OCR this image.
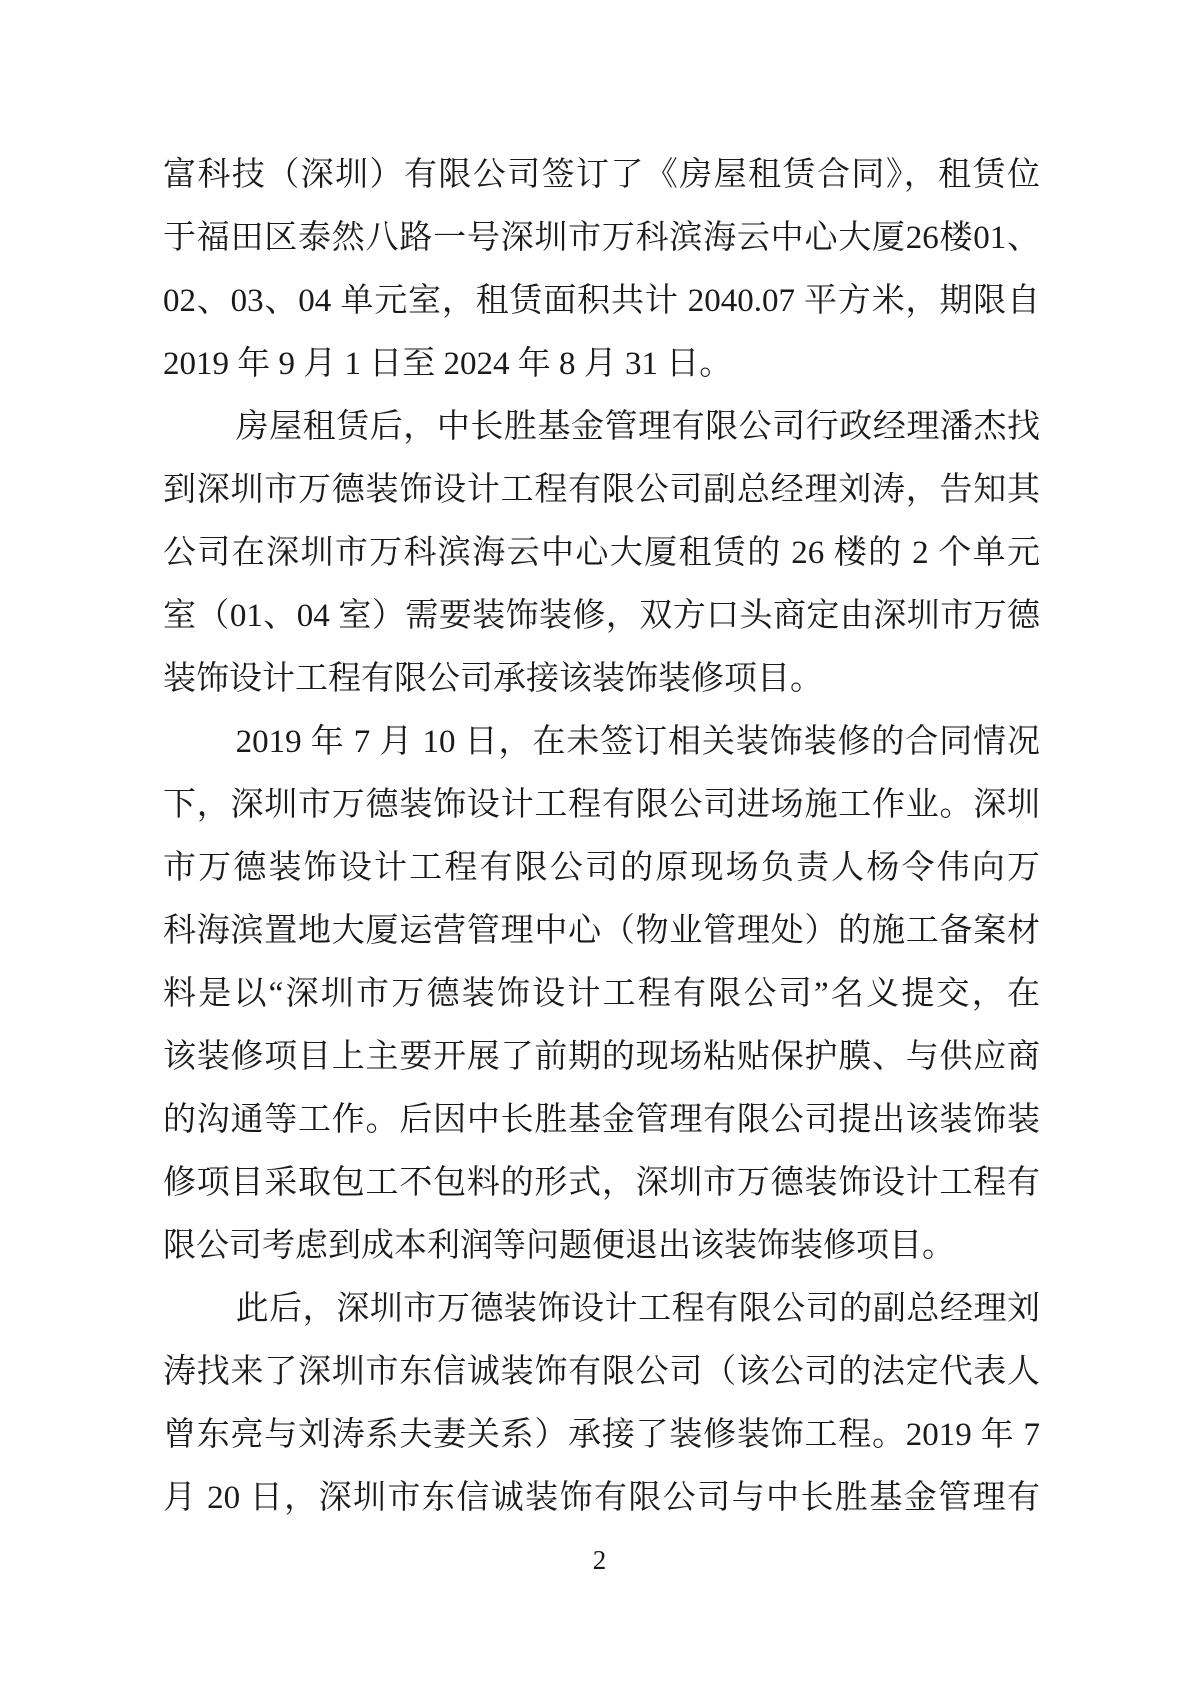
富科技（深圳）有限公司签订了《房屋租赁合同》，租赁位
于福田区泰然八路一号深圳市万科滨海云中心大厦26楼01、
02、03、04 单元室，租赁面积共计 2040.07 平方米，期限自
2019 年 9 月 1 日至 2024 年 8 月 31 日。
房屋租赁后，中长胜基金管理有限公司行政经理潘杰找
到深圳市万德装饰设计工程有限公司副总经理刘涛，告知其
公司在深圳市万科滨海云中心大厦租赁的 26 楼的 2 个单元
室（01、04 室）需要装饰装修，双方口头商定由深圳市万德
装饰设计工程有限公司承接该装饰装修项目。
2019 年 7 月 10 日，在未签订相关装饰装修的合同情况
下，深圳市万德装饰设计工程有限公司进场施工作业。深圳
市万德装饰设计工程有限公司的原现场负责人杨令伟向万
科海滨置地大厦运营管理中心（物业管理处）的施工备案材
料是以“深圳市万德装饰设计工程有限公司”名义提交，在
该装修项目上主要开展了前期的现场粘贴保护膜、与供应商
的沟通等工作。后因中长胜基金管理有限公司提出该装饰装
修项目采取包工不包料的形式，深圳市万德装饰设计工程有
限公司考虑到成本利润等问题便退出该装饰装修项目。
此后，深圳市万德装饰设计工程有限公司的副总经理刘
涛找来了深圳市东信诚装饰有限公司（该公司的法定代表人
曾东亮与刘涛系夫妻关系）承接了装修装饰工程。2019 年 7
月 20 日，深圳市东信诚装饰有限公司与中长胜基金管理有
2
